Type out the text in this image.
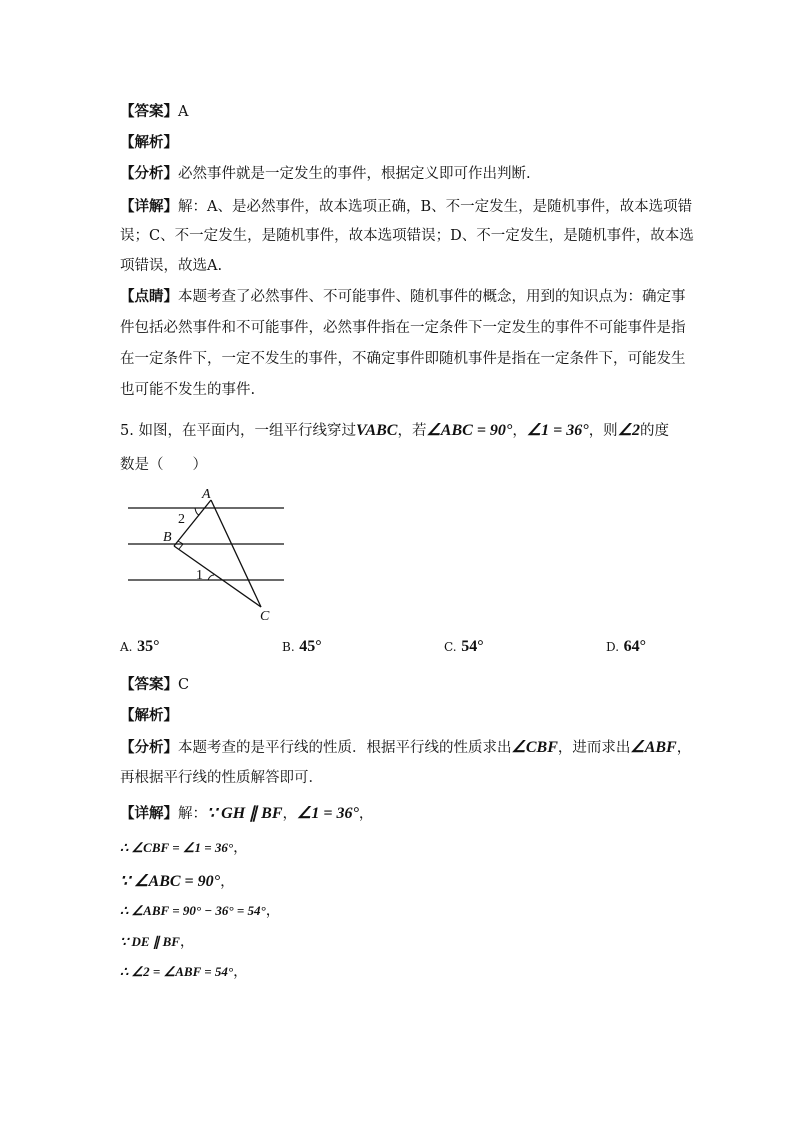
【答案】A
【解析】
【分析】必然事件就是一定发生的事件，根据定义即可作出判断.
【详解】解：A、是必然事件，故本选项正确，B、不一定发生，是随机事件，故本选项错
误；C、不一定发生，是随机事件，故本选项错误；D、不一定发生，是随机事件，故本选
项错误，故选A.
【点睛】本题考查了必然事件、不可能事件、随机事件的概念，用到的知识点为：确定事
件包括必然事件和不可能事件，必然事件指在一定条件下一定发生的事件不可能事件是指
在一定条件下，一定不发生的事件，不确定事件即随机事件是指在一定条件下，可能发生
也可能不发生的事件.
5. 如图，在平面内，一组平行线穿过VABC，若∠ABC = 90°，∠1 = 36°，则∠2的度
数是（　　）
A
B
C
2
1
A. 35°	B. 45°	C. 54°	D. 64°
【答案】C
【解析】
【分析】本题考查的是平行线的性质．根据平行线的性质求出∠CBF，进而求出∠ABF，
再根据平行线的性质解答即可．
【详解】解：∵ GH ∥ BF，∠1 = 36°，
∴ ∠CBF = ∠1 = 36°，
∵ ∠ABC = 90°，
∴ ∠ABF = 90° − 36° = 54°，
∵ DE ∥ BF，
∴ ∠2 = ∠ABF = 54°，
